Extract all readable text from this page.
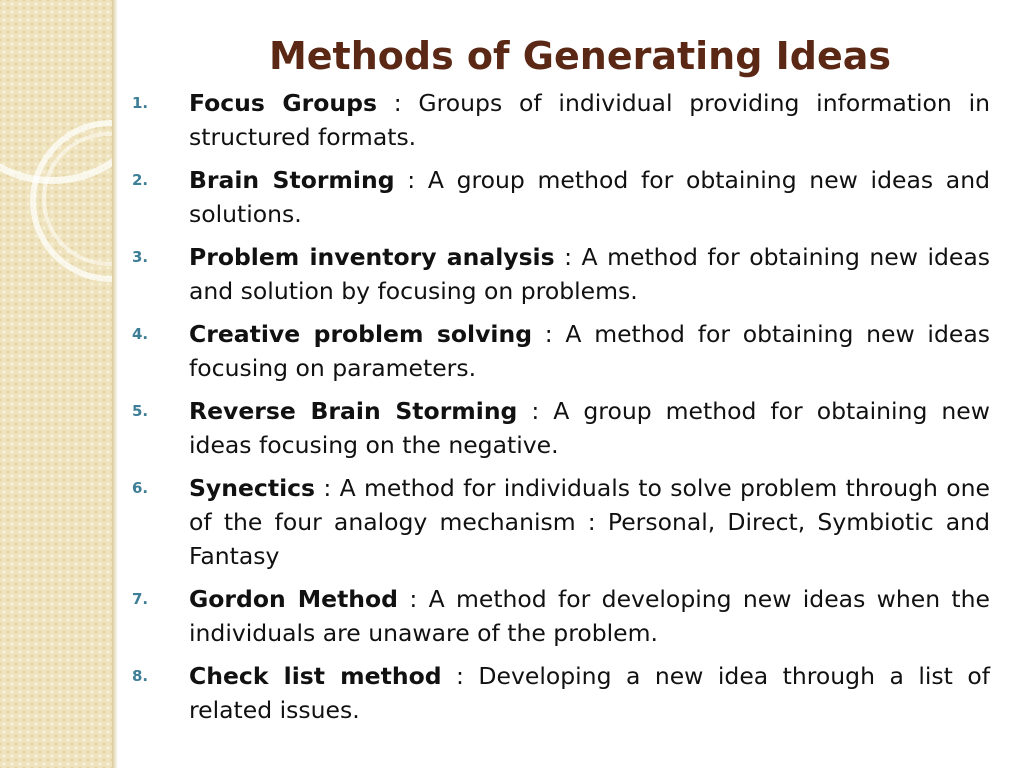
Methods of Generating Ideas
1. Focus Groups : Groups of individual providing information in structured formats.
2. Brain Storming : A group method for obtaining new ideas and solutions.
3. Problem inventory analysis : A method for obtaining new ideas and solution by focusing on problems.
4. Creative problem solving : A method for obtaining new ideas focusing on parameters.
5. Reverse Brain Storming : A group method for obtaining new ideas focusing on the negative.
6. Synectics : A method for individuals to solve problem through one of the four analogy mechanism : Personal, Direct, Symbiotic and Fantasy
7. Gordon Method : A method for developing new ideas when the individuals are unaware of the problem.
8. Check list method : Developing a new idea through a list of related issues.
